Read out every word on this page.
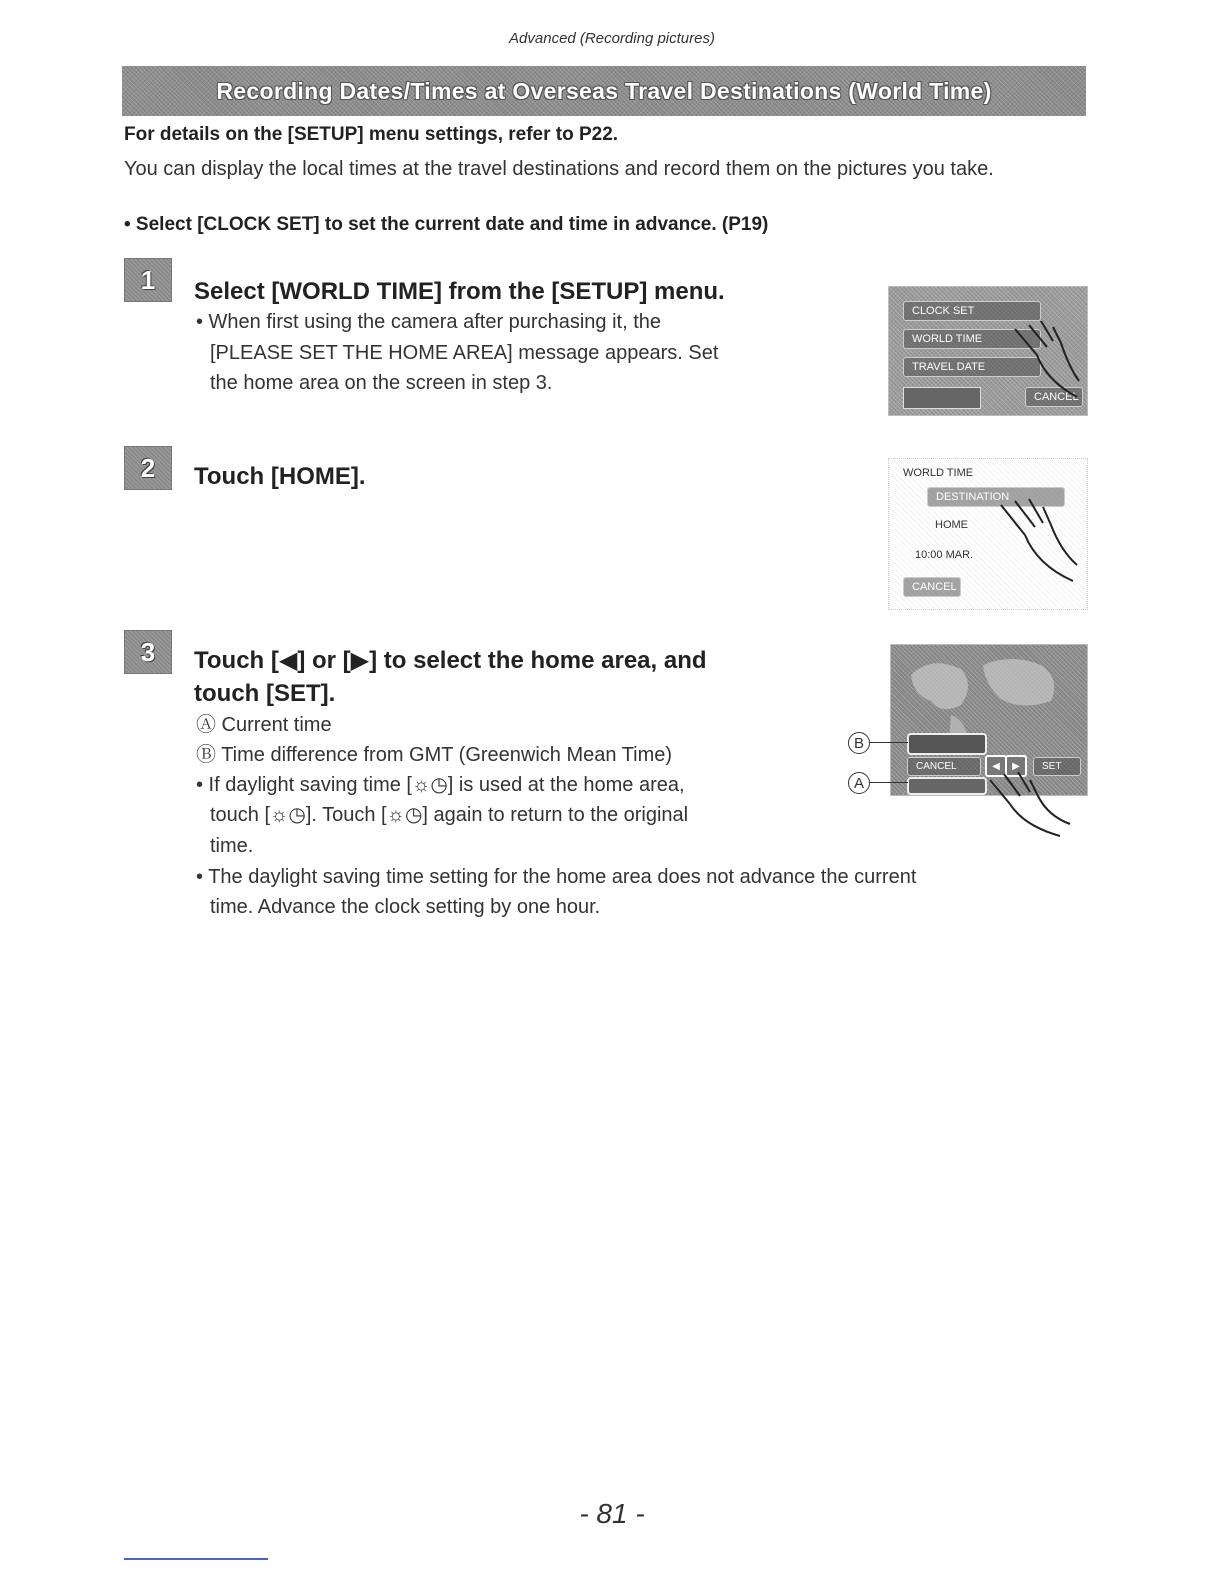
Advanced (Recording pictures)
Recording Dates/Times at Overseas Travel Destinations (World Time)
For details on the [SETUP] menu settings, refer to P22.
You can display the local times at the travel destinations and record them on the pictures you take.
• Select [CLOCK SET] to set the current date and time in advance. (P19)
1 Select [WORLD TIME] from the [SETUP] menu.
• When first using the camera after purchasing it, the
[PLEASE SET THE HOME AREA] message appears. Set
the home area on the screen in step 3.
CLOCK SET
WORLD TIME
TRAVEL DATE
CANCEL
2 Touch [HOME].	WORLD TIME
DESTINATION
HOME
10:00 MAR.
CANCEL
3 Touch [◀] or [▶] to select the home area, and
touch [SET].
Ⓐ Current time
Ⓑ Time difference from GMT (Greenwich Mean Time)
• If daylight saving time [☼◷] is used at the home area,
touch [☼◷]. Touch [☼◷] again to return to the original
time.
• The daylight saving time setting for the home area does not advance the current
time. Advance the clock setting by one hour.
CANCEL	◀	▶	SET
B
A
- 81 -
